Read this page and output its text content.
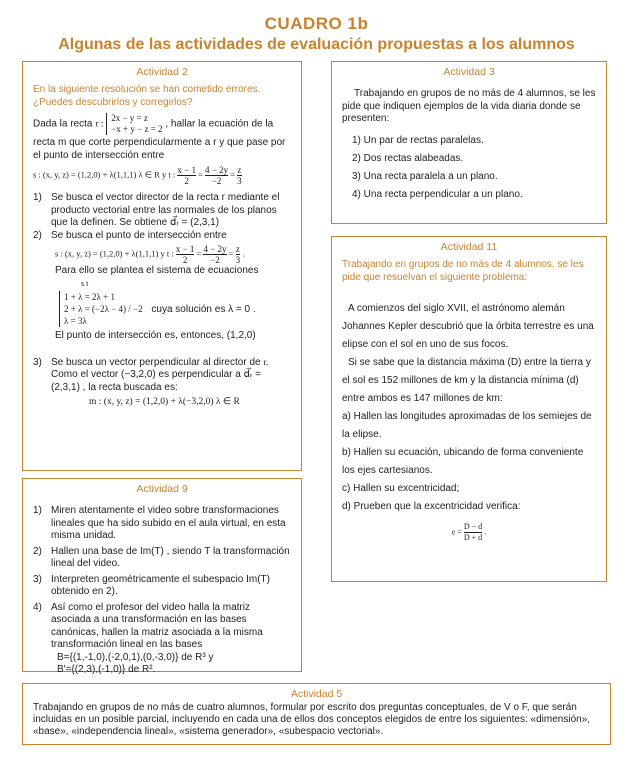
CUADRO 1b
Algunas de las actividades de evaluación propuestas a los alumnos
Actividad 2

En la siguiente resolución se han cometido errores. ¿Puedes descubrirlos y corregirlos?

Dada la recta r :
2x − y = z
−x + y − z = 2 , hallar la ecuación de la

recta m que corte perpendicularmente a r y que pase por el punto de intersección entre

s : (x, y, z) = (1,2,0) + λ(1,1,1) λ ∈ R y t : $\frac{x - 1}{2} = \frac{4 - 2y}{-2} = \frac{z}{3}$
1) Se busca el vector director de la recta r mediante el producto vectorial entre las normales de los planos que la definen. Se obtiene d⃗ᵣ = (2,3,1)

2) Se busca el punto de intersección entre

s : (x, y, z) = (1,2,0) + λ(1,1,1) y t : $\frac{x - 1}{2} = \frac{4 - 2y}{-2} = \frac{z}{3}$ .

Para ello se plantea el sistema de ecuaciones

s t

1 + λ = 2λ + 1
2 + λ = (−2λ − 4) / −2
λ = 3λ
cuya solución es λ = 0 .

El punto de intersección es, entonces, (1,2,0)

3) Se busca un vector perpendicular al director de r.

Como el vector (−3,2,0) es perpendicular a d⃗ᵣ = (2,3,1) , la recta buscada es:

m : (x, y, z) = (1,2,0) + λ(−3,2,0) λ ∈ R

Actividad 3

Trabajando en grupos de no más de 4 alumnos, se les pide que indiquen ejemplos de la vida diaria donde se presenten:

1) Un par de rectas paralelas.
2) Dos rectas alabeadas.
3) Una recta paralela a un plano.
4) Una recta perpendicular a un plano.
Actividad 11

Trabajando en grupos de no más de 4 alumnos, se les pide que resuelvan el siguiente problema:

A comienzos del siglo XVII, el astrónomo alemán Johannes Kepler descubrió que la órbita terrestre es una elipse con el sol en uno de sus focos.

Si se sabe que la distancia máxima (D) entre la tierra y el sol es 152 millones de km y la distancia mínima (d) entre ambos es 147 millones de km:

a) Hallen las longitudes aproximadas de los semiejes de la elipse.

b) Hallen su ecuación, ubicando de forma conveniente los ejes cartesianos.

c) Hallen su excentricidad;

d) Prueben que la excentricidad verifica:

$e = \frac{D - d}{D + d}$ .
Actividad 9
1) Miren atentamente el video sobre transformaciones lineales que ha sido subido en el aula virtual, en esta misma unidad.

2) Hallen una base de Im(T) , siendo T la transformación lineal del video.

3) Interpreten geométricamente el subespacio Im(T) obtenido en 2).

4) Así como el profesor del video halla la matriz asociada a una transformación en las bases canónicas, hallen la matriz asociada a la misma transformación lineal en las bases

B={(1,-1,0),(-2,0,1),(0,-3,0)} de R³ y

B'={(2,3),(-1,0)} de R².

Actividad 5

Trabajando en grupos de no más de cuatro alumnos, formular por escrito dos preguntas conceptuales, de V o F, que serán incluidas en un posible parcial, incluyendo en cada una de ellos dos conceptos elegidos de entre los siguientes: «dimensión», «base», «independencia lineal», «sistema generador», «subespacio vectorial».
